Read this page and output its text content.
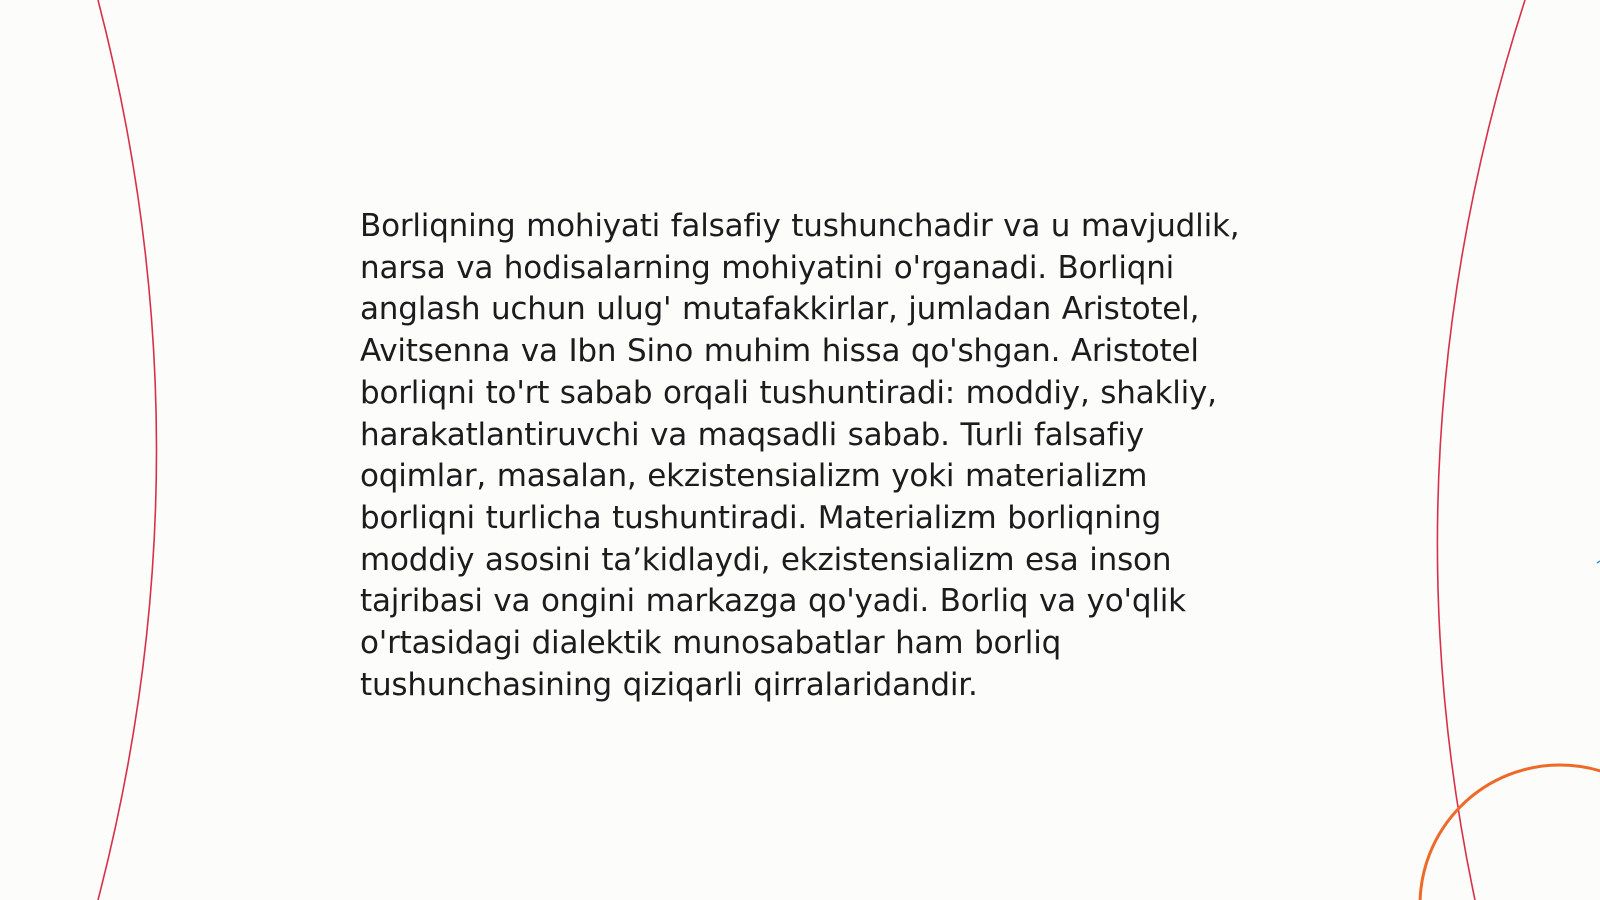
Borliqning mohiyati falsafiy tushunchadir va u mavjudlik, narsa va hodisalarning mohiyatini o'rganadi. Borliqni anglash uchun ulug' mutafakkirlar, jumladan Aristotel, Avitsenna va Ibn Sino muhim hissa qo'shgan. Aristotel borliqni to'rt sabab orqali tushuntiradi: moddiy, shakliy, harakatlantiruvchi va maqsadli sabab. Turli falsafiy oqimlar, masalan, ekzistensializm yoki materializm borliqni turlicha tushuntiradi. Materializm borliqning moddiy asosini ta’kidlaydi, ekzistensializm esa inson tajribasi va ongini markazga qo'yadi. Borliq va yo'qlik o'rtasidagi dialektik munosabatlar ham borliq tushunchasining qiziqarli qirralaridandir.
